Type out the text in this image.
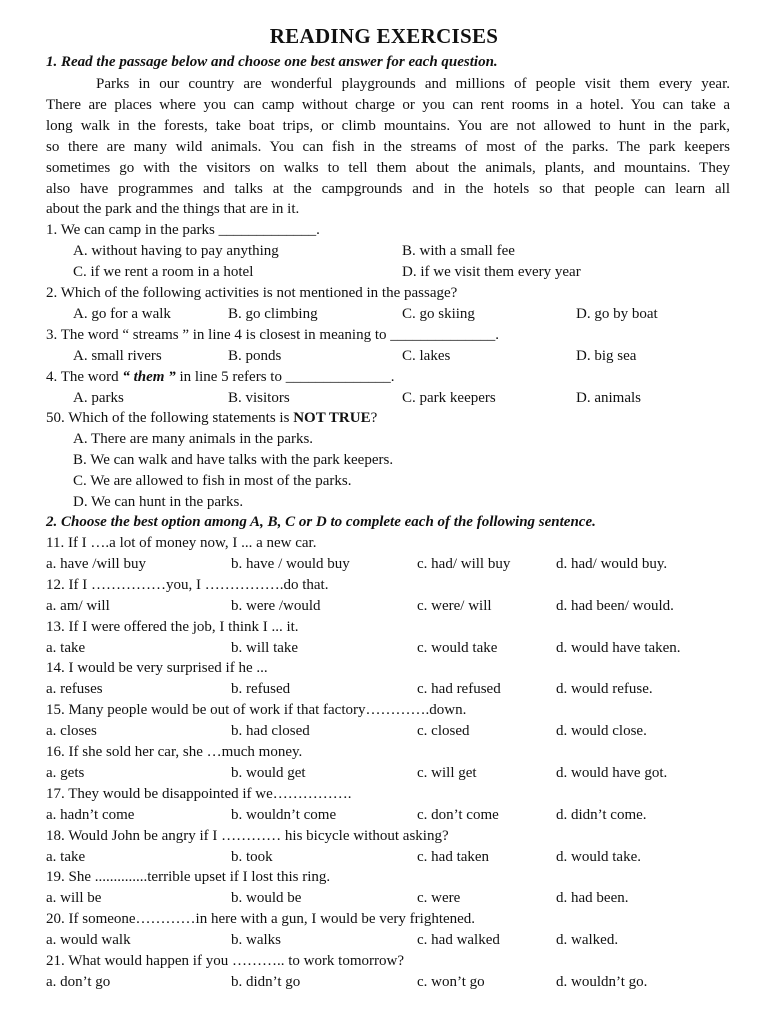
READING EXERCISES
1. Read the passage below and choose one best answer for each question.
Parks in our country are wonderful playgrounds and millions of people visit them every year.
There are places where you can camp without charge or you can rent rooms in a hotel. You can take a
long walk in the forests, take boat trips, or climb mountains. You are not allowed to hunt in the park,
so there are many wild animals. You can fish in the streams of most of the parks. The park keepers
sometimes go with the visitors on walks to tell them about the animals, plants, and mountains. They
also have programmes and talks at the campgrounds and in the hotels so that people can learn all
about the park and the things that are in it.
1. We can camp in the parks _____________.
A. without having to pay anything	B. with a small fee
C. if we rent a room in a hotel	D. if we visit them every year
2. Which of the following activities is not mentioned in the passage?
A. go for a walk	B. go climbing	C. go skiing	D. go by boat
3. The word “ streams ” in line 4 is closest in meaning to ______________.
A. small rivers	B. ponds	C. lakes	D. big sea
4. The word “ them ” in line 5 refers to ______________.
A. parks	B. visitors	C. park keepers	D. animals
50. Which of the following statements is NOT TRUE?
A. There are many animals in the parks.
B. We can walk and have talks with the park keepers.
C. We are allowed to fish in most of the parks.
D. We can hunt in the parks.
2. Choose the best option among A, B, C or D to complete each of the following sentence.
11. If I ….a lot of money now, I ... a new car.
a. have /will buy	b. have / would buy	c. had/ will buy	d. had/ would buy.
12. If I ……………you, I …………….do that.
a. am/ will	b. were /would	c. were/ will	d. had been/ would.
13. If I were offered the job, I think I ... it.
a. take	b. will take	c. would take	d. would have taken.
14. I would be very surprised if he ...
a. refuses	b. refused	c. had refused	d. would refuse.
15. Many people would be out of work if that factory………….down.
a. closes	b. had closed	c. closed	d. would close.
16. If she sold her car, she …much money.
a. gets	b. would get	c. will get	d. would have got.
17. They would be disappointed if we…………….
a. hadn’t come	b. wouldn’t come	c. don’t come	d. didn’t come.
18. Would John be angry if I ………… his bicycle without asking?
a. take	b. took	c. had taken	d. would take.
19. She ..............terrible upset if I lost this ring.
a. will be	b. would be	c. were	d. had been.
20. If someone…………in here with a gun, I would be very frightened.
a. would walk	b. walks	c. had walked	d. walked.
21. What would happen if you ……….. to work tomorrow?
a. don’t go	b. didn’t go	c. won’t go	d. wouldn’t go.
